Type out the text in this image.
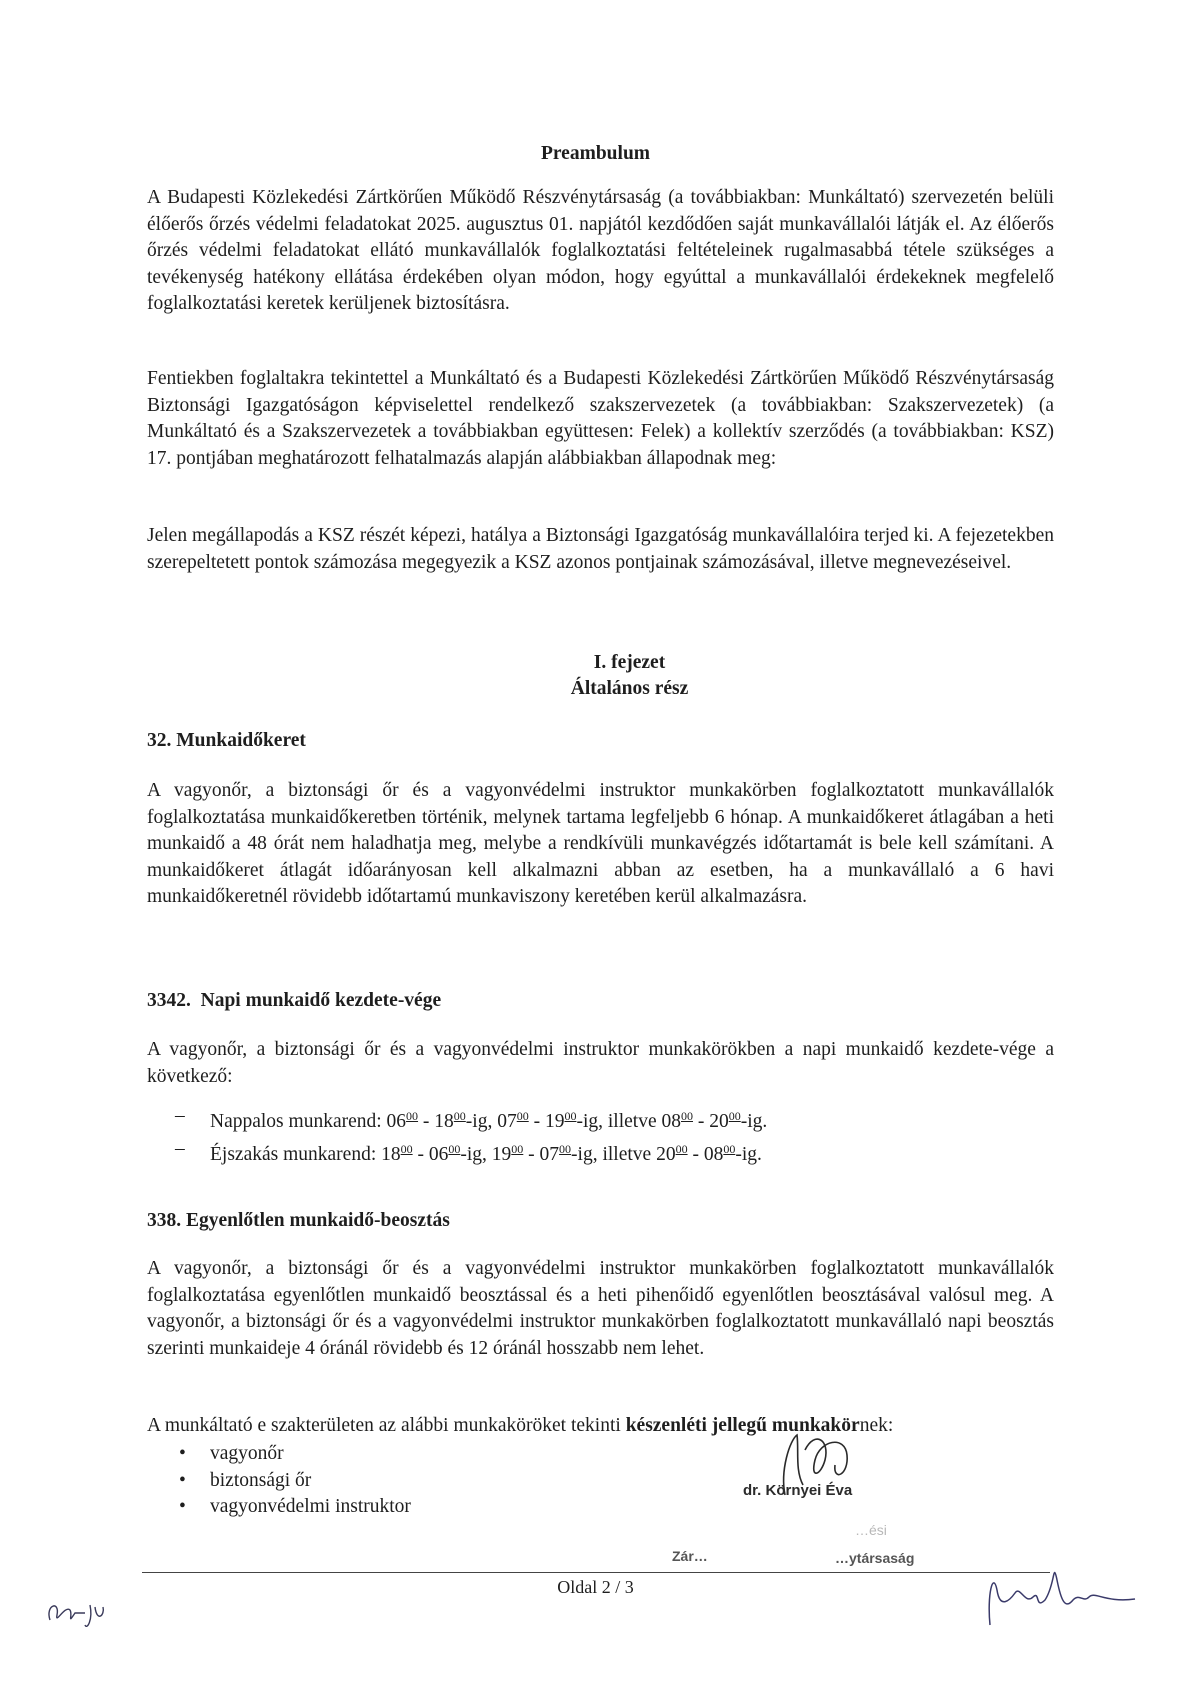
Preambulum

A Budapesti Közlekedési Zártkörűen Működő Részvénytársaság (a továbbiakban: Munkáltató) szervezetén belüli élőerős őrzés védelmi feladatokat 2025. augusztus 01. napjától kezdődően saját munkavállalói látják el. Az élőerős őrzés védelmi feladatokat ellátó munkavállalók foglalkoztatási feltételeinek rugalmasabbá tétele szükséges a tevékenység hatékony ellátása érdekében olyan módon, hogy egyúttal a munkavállalói érdekeknek megfelelő foglalkoztatási keretek kerüljenek biztosításra.

Fentiekben foglaltakra tekintettel a Munkáltató és a Budapesti Közlekedési Zártkörűen Működő Részvénytársaság Biztonsági Igazgatóságon képviselettel rendelkező szakszervezetek (a továbbiakban: Szakszervezetek) (a Munkáltató és a Szakszervezetek a továbbiakban együttesen: Felek) a kollektív szerződés (a továbbiakban: KSZ) 17. pontjában meghatározott felhatalmazás alapján alábbiakban állapodnak meg:

Jelen megállapodás a KSZ részét képezi, hatálya a Biztonsági Igazgatóság munkavállalóira terjed ki. A fejezetekben szerepeltetett pontok számozása megegyezik a KSZ azonos pontjainak számozásával, illetve megnevezéseivel.

I. fejezet
Általános rész
32. Munkaidőkeret

A vagyonőr, a biztonsági őr és a vagyonvédelmi instruktor munkakörben foglalkoztatott munkavállalók foglalkoztatása munkaidőkeretben történik, melynek tartama legfeljebb 6 hónap. A munkaidőkeret átlagában a heti munkaidő a 48 órát nem haladhatja meg, melybe a rendkívüli munkavégzés időtartamát is bele kell számítani. A munkaidőkeret átlagát időarányosan kell alkalmazni abban az esetben, ha a munkavállaló a 6 havi munkaidőkeretnél rövidebb időtartamú munkaviszony keretében kerül alkalmazásra.

3342.  Napi munkaidő kezdete-vége

A vagyonőr, a biztonsági őr és a vagyonvédelmi instruktor munkakörökben a napi munkaidő kezdete-vége a következő:

– Nappalos munkarend: $06^{00} - 18^{00}-ig$, $07^{00} - 19^{00}-ig$, illetve $08^{00} - 20^{00}-ig$.
– Éjszakás munkarend: $18^{00} - 06^{00}-ig$, $19^{00} - 07^{00}-ig$, illetve $20^{00} - 08^{00}-ig$.
338. Egyenlőtlen munkaidő-beosztás

A vagyonőr, a biztonsági őr és a vagyonvédelmi instruktor munkakörben foglalkoztatott munkavállalók foglalkoztatása egyenlőtlen munkaidő beosztással és a heti pihenőidő egyenlőtlen beosztásával valósul meg. A vagyonőr, a biztonsági őr és a vagyonvédelmi instruktor munkakörben foglalkoztatott munkavállaló napi beosztás szerinti munkaideje 4 óránál rövidebb és 12 óránál hosszabb nem lehet.

A munkáltató e szakterületen az alábbi munkaköröket tekinti készenléti jellegű munkakörnek:

• vagyonőr
• biztonsági őr
• vagyonvédelmi instruktor
dr. Környei Éva
…ési
Zár…	…ytársaság
Oldal 2 / 3
